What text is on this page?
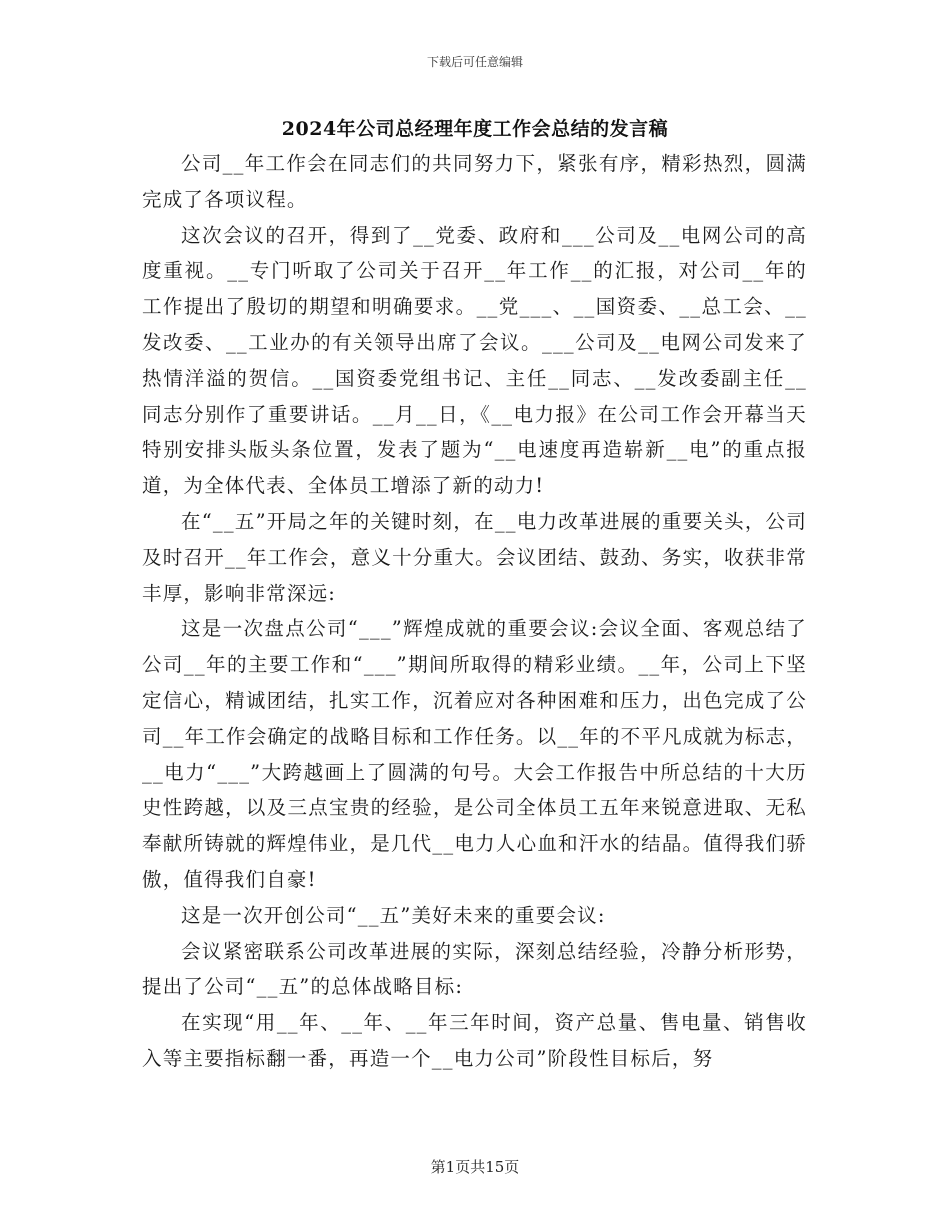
下载后可任意编辑
2024年公司总经理年度工作会总结的发言稿

公司__年工作会在同志们的共同努力下，紧张有序，精彩热烈，圆满完成了各项议程。

这次会议的召开，得到了__党委、政府和___公司及__电网公司的高度重视。__专门听取了公司关于召开__年工作__的汇报，对公司__年的工作提出了殷切的期望和明确要求。__党___、__国资委、__总工会、__发改委、__工业办的有关领导出席了会议。___公司及__电网公司发来了热情洋溢的贺信。__国资委党组书记、主任__同志、__发改委副主任__同志分别作了重要讲话。__月__日，《__电力报》在公司工作会开幕当天特别安排头版头条位置，发表了题为“__电速度再造崭新__电”的重点报道，为全体代表、全体员工增添了新的动力!

在“__五”开局之年的关键时刻，在__电力改革进展的重要关头，公司及时召开__年工作会，意义十分重大。会议团结、鼓劲、务实，收获非常丰厚，影响非常深远:

这是一次盘点公司“___”辉煌成就的重要会议:会议全面、客观总结了公司__年的主要工作和“___”期间所取得的精彩业绩。__年，公司上下坚定信心，精诚团结，扎实工作，沉着应对各种困难和压力，出色完成了公司__年工作会确定的战略目标和工作任务。以__年的不平凡成就为标志，__电力“___”大跨越画上了圆满的句号。大会工作报告中所总结的十大历史性跨越，以及三点宝贵的经验，是公司全体员工五年来锐意进取、无私奉献所铸就的辉煌伟业，是几代__电力人心血和汗水的结晶。值得我们骄傲，值得我们自豪!

这是一次开创公司“__五”美好未来的重要会议:

会议紧密联系公司改革进展的实际，深刻总结经验，冷静分析形势，提出了公司“__五”的总体战略目标:

在实现“用__年、__年、__年三年时间，资产总量、售电量、销售收入等主要指标翻一番，再造一个__电力公司”阶段性目标后，努

第1页共15页
